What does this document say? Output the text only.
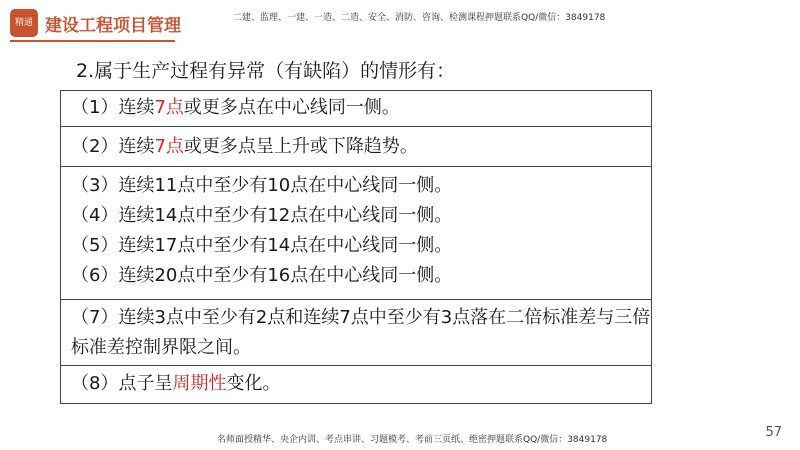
精通 建设工程项目管理	二建、监理、一建、一造、二造、安全、消防、咨询、检测课程押题联系QQ/微信：3849178
2.属于生产过程有异常（有缺陷）的情形有：
（1）连续7点或更多点在中心线同一侧。
（2）连续7点或更多点呈上升或下降趋势。
（3）连续11点中至少有10点在中心线同一侧。
（4）连续14点中至少有12点在中心线同一侧。
（5）连续17点中至少有14点在中心线同一侧。
（6）连续20点中至少有16点在中心线同一侧。
（7）连续3点中至少有2点和连续7点中至少有3点落在二倍标准差与三倍标准差控制界限之间。
（8）点子呈周期性变化。
57
名师面授精华、央企内训、考点串讲、习题模考、考前三页纸、绝密押题联系QQ/微信：3849178
